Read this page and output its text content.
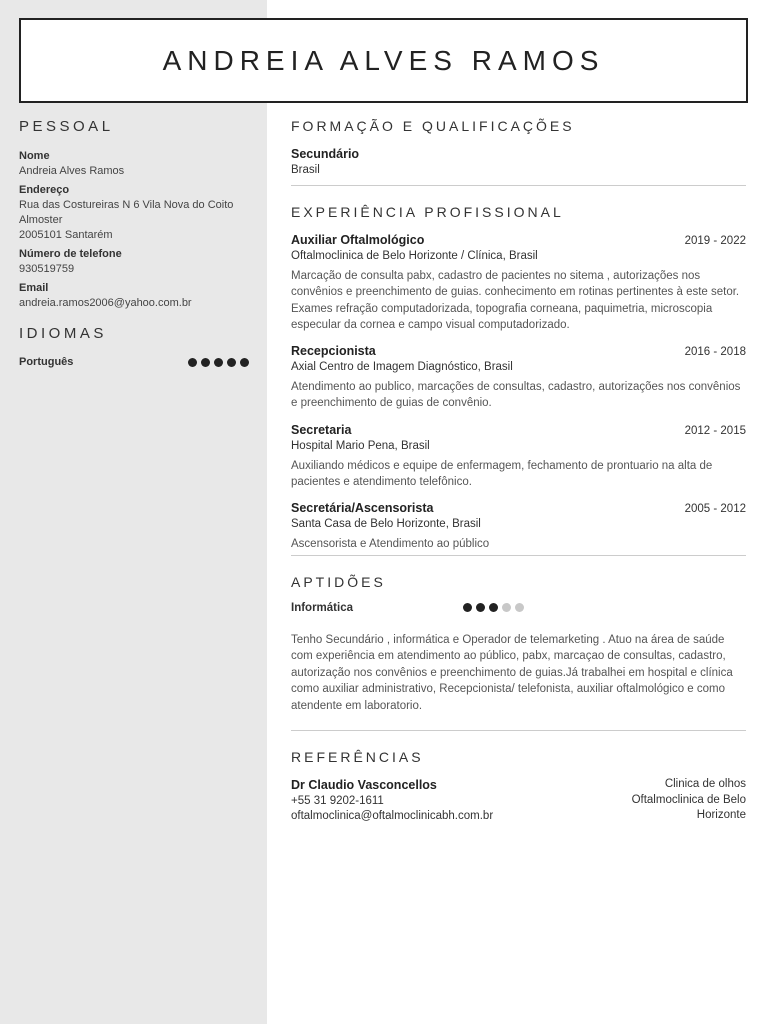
ANDREIA ALVES RAMOS
PESSOAL
Nome
Andreia Alves Ramos
Endereço
Rua das Costureiras N 6 Vila Nova do Coito Almoster
2005101 Santarém
Número de telefone
930519759
Email
andreia.ramos2006@yahoo.com.br
IDIOMAS
Português
FORMAÇÃO E QUALIFICAÇÕES
Secundário
Brasil
EXPERIÊNCIA PROFISSIONAL
Auxiliar Oftalmológico	2019 - 2022
Oftalmoclinica de Belo Horizonte / Clínica, Brasil
Marcação de consulta pabx, cadastro de pacientes no sitema , autorizações nos convênios e preenchimento de guias. conhecimento em rotinas pertinentes à este setor. Exames refração computadorizada, topografia corneana, paquimetria, microscopia especular da cornea e campo visual computadorizado.
Recepcionista	2016 - 2018
Axial Centro de Imagem Diagnóstico, Brasil
Atendimento ao publico, marcações de consultas, cadastro, autorizações nos convênios e preenchimento de guias de convênio.
Secretaria	2012 - 2015
Hospital Mario Pena, Brasil
Auxiliando médicos e equipe de enfermagem, fechamento de prontuario na alta de pacientes e atendimento telefônico.
Secretária/Ascensorista	2005 - 2012
Santa Casa de Belo Horizonte, Brasil
Ascensorista e Atendimento ao público
APTIDÕES
Informática
Tenho Secundário , informática e Operador de telemarketing . Atuo na área de saúde com experiência em atendimento ao público, pabx, marcaçao de consultas, cadastro, autorização nos convênios e preenchimento de guias.Já trabalhei em hospital e clínica como auxiliar administrativo, Recepcionista/ telefonista, auxiliar oftalmológico e como atendente em laboratorio.
REFERÊNCIAS
Dr Claudio Vasconcellos
+55 31 9202-1611
oftalmoclinica@oftalmoclinicabh.com.br
Clinica de olhos Oftalmoclinica de Belo Horizonte
